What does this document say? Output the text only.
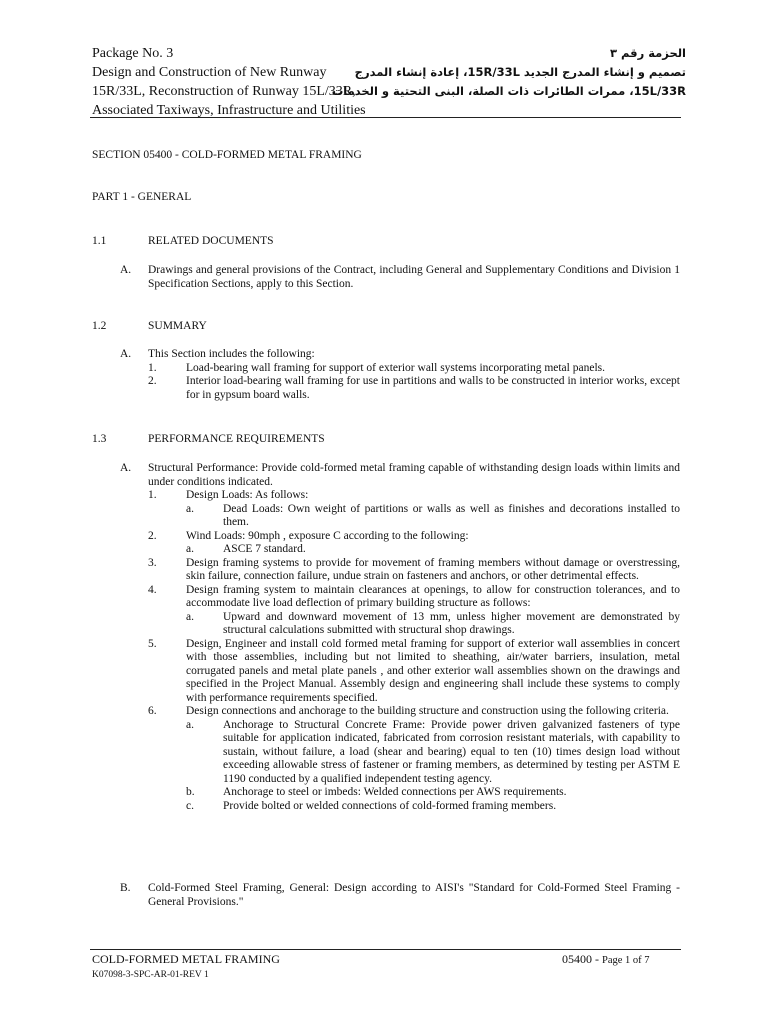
Package No. 3
Design and Construction of New Runway
15R/33L, Reconstruction of Runway 15L/33R,
Associated Taxiways, Infrastructure and Utilities
الحزمة رقم ٣
تصميم و إنشاء المدرج الجديد 15R/33L، إعادة إنشاء المدرج
15L/33R، ممرات الطائرات ذات الصلة، البنى التحتية و الخدمات
SECTION 05400 - COLD-FORMED METAL FRAMING
PART 1 - GENERAL
1.1	RELATED DOCUMENTS
A. Drawings and general provisions of the Contract, including General and Supplementary Conditions and Division 1 Specification Sections, apply to this Section.
1.2	SUMMARY
A. This Section includes the following:
1.	Load-bearing wall framing for support of exterior wall systems incorporating metal panels.
2.	Interior load-bearing wall framing for use in partitions and walls to be constructed in interior works, except for in gypsum board walls.
1.3	PERFORMANCE REQUIREMENTS
A. Structural Performance: Provide cold-formed metal framing capable of withstanding design loads within limits and under conditions indicated.
1.	Design Loads: As follows:
a.	Dead Loads: Own weight of partitions or walls as well as finishes and decorations installed to them.
2.	Wind Loads: 90mph , exposure C according to the following:
a.	ASCE 7 standard.
3.	Design framing systems to provide for movement of framing members without damage or overstressing, skin failure, connection failure, undue strain on fasteners and anchors, or other detrimental effects.
4.	Design framing system to maintain clearances at openings, to allow for construction tolerances, and to accommodate live load deflection of primary building structure as follows:
a.	Upward and downward movement of 13 mm, unless higher movement are demonstrated by structural calculations submitted with structural shop drawings.
5.	Design, Engineer and install cold formed metal framing for support of exterior wall assemblies in concert with those assemblies, including but not limited to sheathing, air/water barriers, insulation, metal corrugated panels and metal plate panels , and other exterior wall assemblies shown on the drawings and specified in the Project Manual. Assembly design and engineering shall include these systems to comply with performance requirements specified.
6.	Design connections and anchorage to the building structure and construction using the following criteria.
a.	Anchorage to Structural Concrete Frame: Provide power driven galvanized fasteners of type suitable for application indicated, fabricated from corrosion resistant materials, with capability to sustain, without failure, a load (shear and bearing) equal to ten (10) times design load without exceeding allowable stress of fastener or framing members, as determined by testing per ASTM E 1190 conducted by a qualified independent testing agency.
b. Anchorage to steel or imbeds: Welded connections per AWS requirements.
c.	Provide bolted or welded connections of cold-formed framing members.
B. Cold-Formed Steel Framing, General: Design according to AISI's "Standard for Cold-Formed Steel Framing - General Provisions."
COLD-FORMED METAL FRAMING	05400 - Page 1 of 7
K07098-3-SPC-AR-01-REV 1
